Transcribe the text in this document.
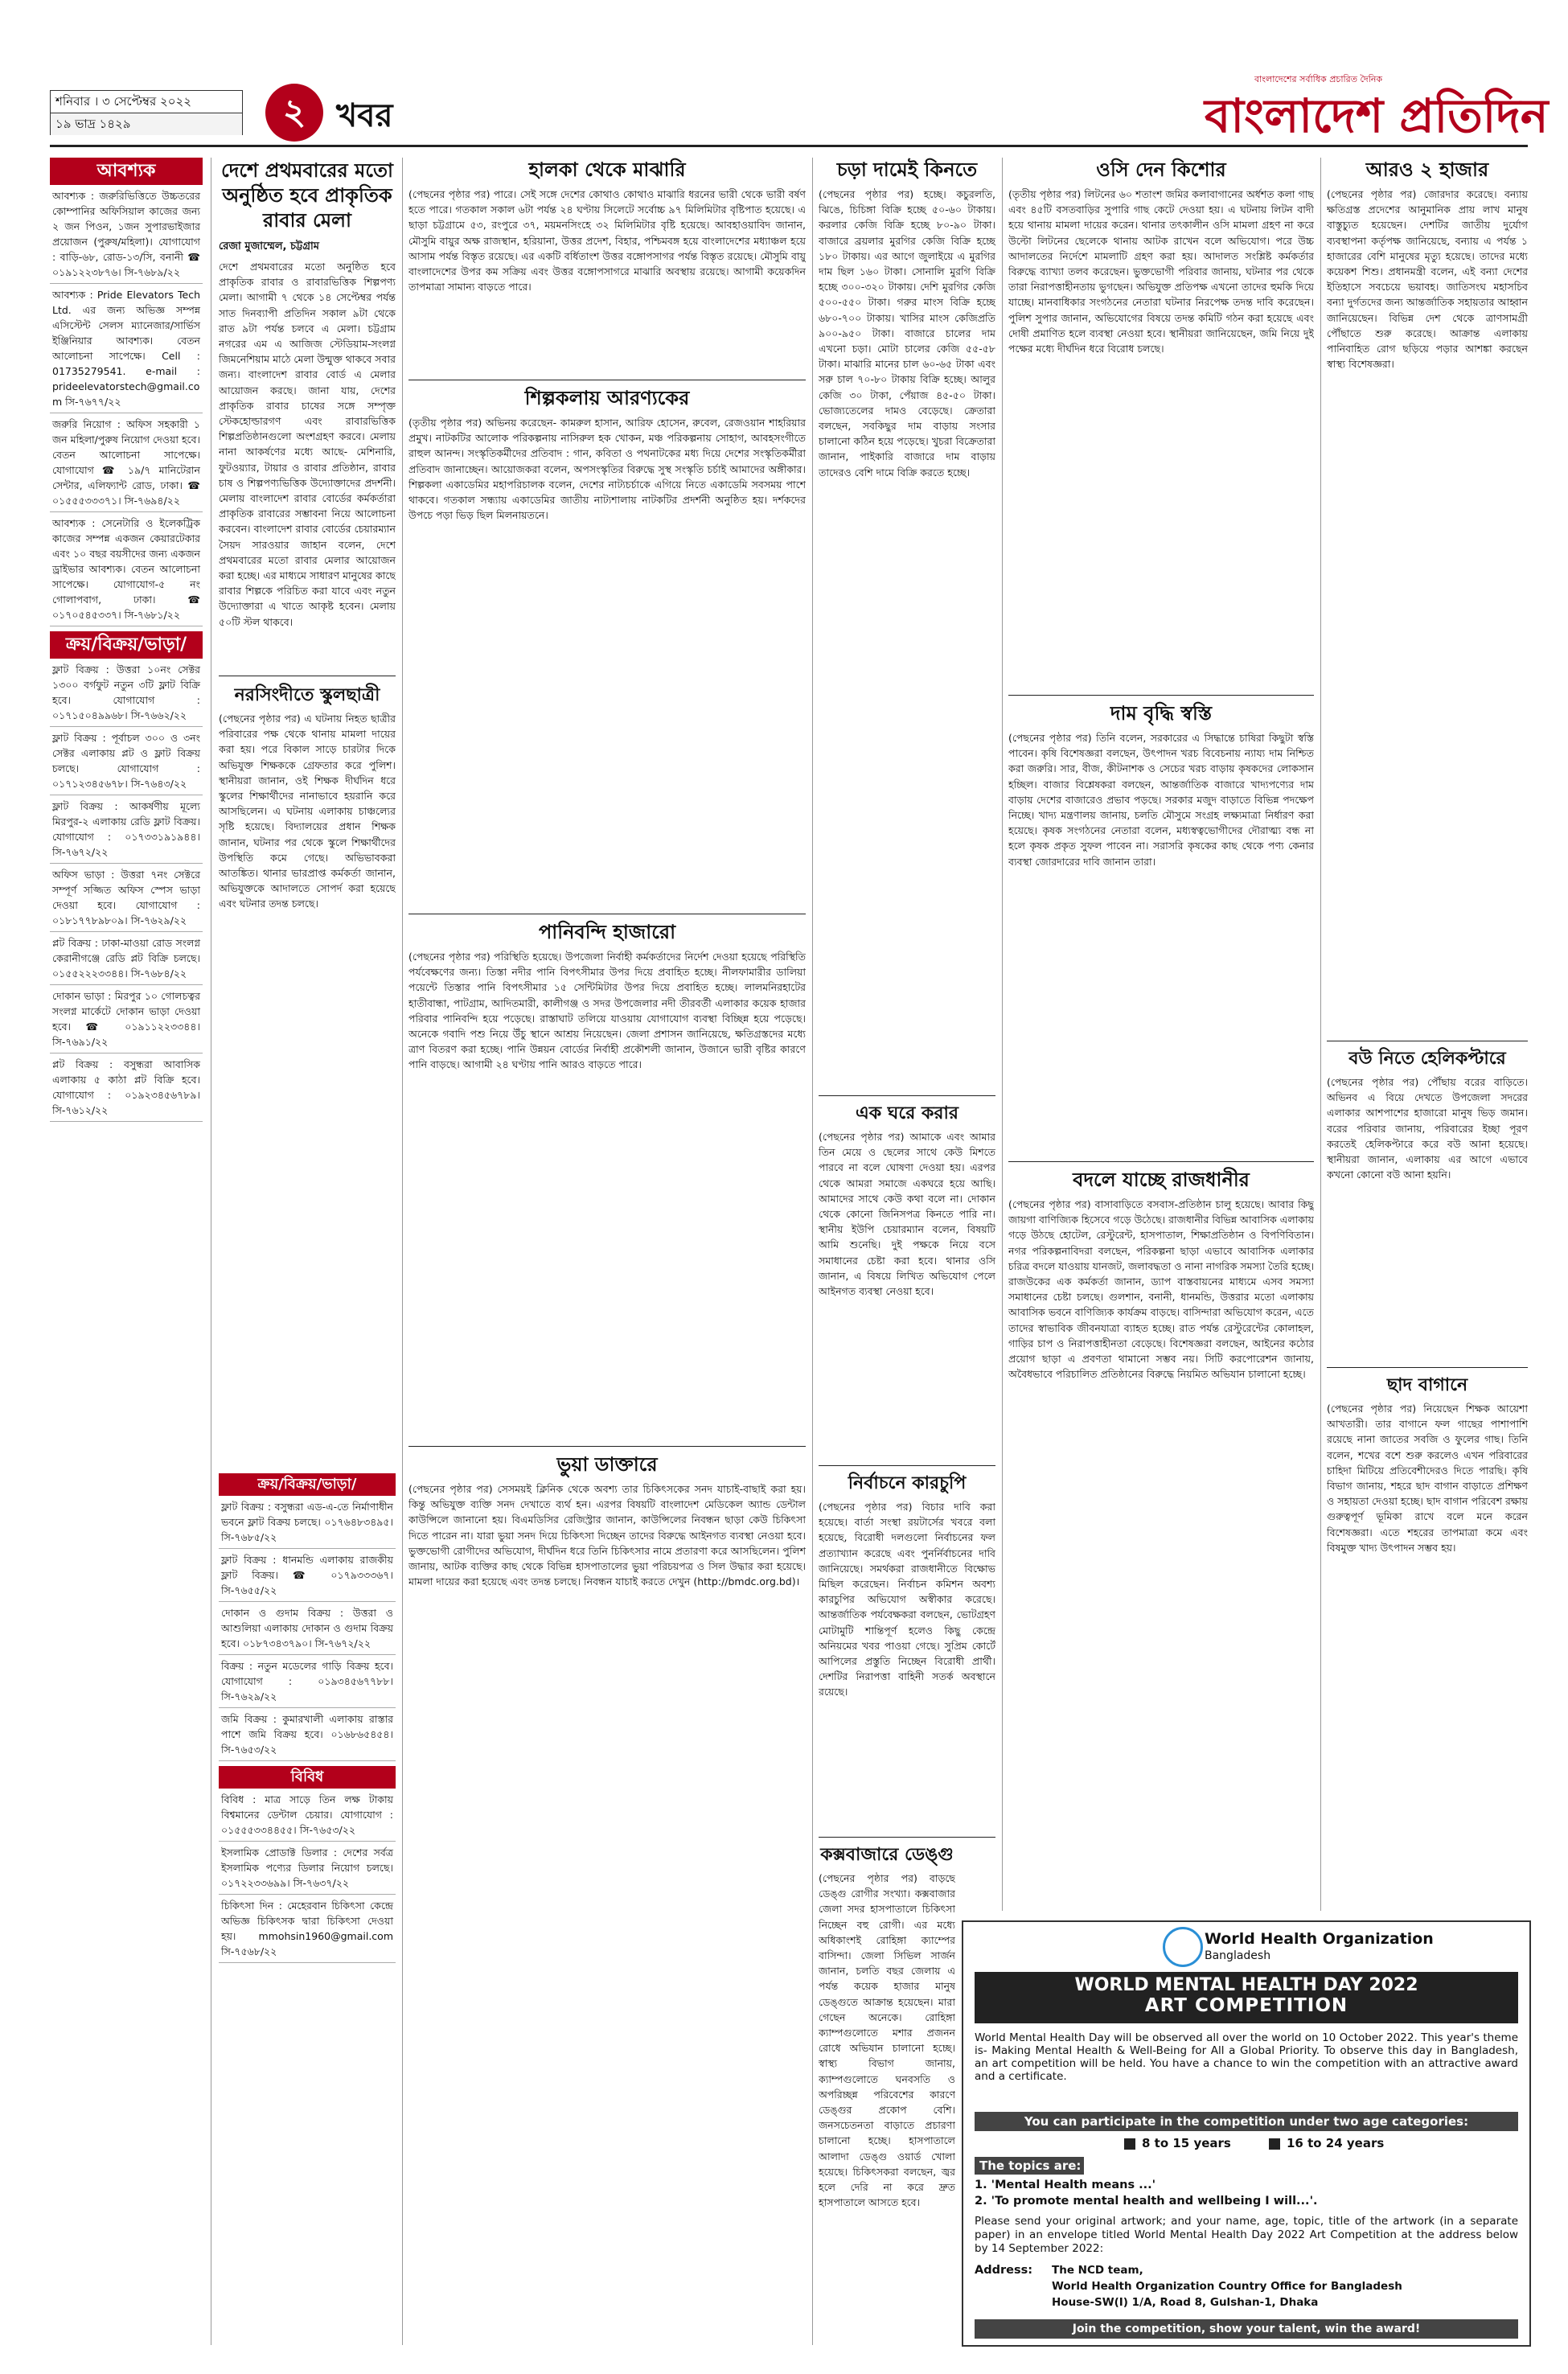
শনিবার । ৩ সেপ্টেম্বর ২০২২
১৯ ভাদ্র ১৪২৯	২ খবর
বাংলাদেশের সর্বাধিক প্রচারিত দৈনিক
বাংলাদেশ প্রতিদিন
আবশ্যক
আবশ্যক : জরুরিভিত্তিতে উচ্চতরের কোম্পানির অফিসিয়াল কাজের জন্য ২ জন পিওন, ১জন সুপারভাইজার প্রয়োজন (পুরুষ/মহিলা)। যোগাযোগ : বাড়ি-৬৮, রোড-১৩/সি, বনানী ☎ ০১৯১২২৩৮৭৬। সি-৭৬৮৯/২২
আবশ্যক : Pride Elevators Tech Ltd. এর জন্য অভিজ্ঞ সম্পন্ন এসিস্টেন্ট সেলস ম্যানেজার/সার্ভিস ইঞ্জিনিয়ার আবশ্যক। বেতন আলোচনা সাপেক্ষে। Cell : 01735279541. e-mail : prideelevatorstech@gmail.com সি-৭৬৭৭/২২
জরুরি নিয়োগ : অফিস সহকারী ১ জন মহিলা/পুরুষ নিয়োগ দেওয়া হবে। বেতন আলোচনা সাপেক্ষে। যোগাযোগ ☎ ১৯/৭ মানিটেরান সেন্টার, এলিফ্যান্ট রোড, ঢাকা। ☎ ০১৫৫৫৩৩৩৭১। সি-৭৬৯৪/২২
আবশ্যক : সেনেটারি ও ইলেকট্রিক কাজের সম্পন্ন একজন কেয়ারটেকার এবং ১০ বছর বয়সীদের জন্য একজন ড্রাইভার আবশ্যক। বেতন আলোচনা সাপেক্ষে। যোগাযোগ-৫ নং গোলাপবাগ, ঢাকা। ☎ ০১৭০৫৪৫৩৩৭। সি-৭৬৮১/২২
ক্রয়/বিক্রয়/ভাড়া/
ফ্লাট বিক্রয় : উত্তরা ১০নং সেক্টর ১৩০০ বর্গফুট নতুন ৩টি ফ্লাট বিক্রি হবে। যোগাযোগ : ০১৭১৫০৪৯৯৬৮। সি-৭৬৬২/২২
ফ্লাট বিক্রয় : পূর্বাচল ৩০০ ও ৩নং সেক্টর এলাকায় প্লট ও ফ্লাট বিক্রয় চলছে। যোগাযোগ : ০১৭১২৩৪৫৬৭৮। সি-৭৬৪৩/২২
ফ্লাট বিক্রয় : আকর্ষণীয় মূল্যে মিরপুর-২ এলাকায় রেডি ফ্লাট বিক্রয়। যোগাযোগ : ০১৭৩৩১৯১৯৪৪। সি-৭৬৭২/২২
অফিস ভাড়া : উত্তরা ৭নং সেক্টরে সম্পূর্ণ সজ্জিত অফিস স্পেস ভাড়া দেওয়া হবে। যোগাযোগ : ০১৮১৭৭৮৯৮০৯। সি-৭৬২৯/২২
প্লট বিক্রয় : ঢাকা-মাওয়া রোড সংলগ্ন কেরানীগঞ্জে রেডি প্লট বিক্রি চলছে। ০১৫৫২২২৩৩৪৪। সি-৭৬৮৪/২২
দোকান ভাড়া : মিরপুর ১০ গোলচত্বর সংলগ্ন মার্কেটে দোকান ভাড়া দেওয়া হবে। ☎ ০১৯১১২২৩৩৪৪। সি-৭৬৯১/২২
প্লট বিক্রয় : বসুন্ধরা আবাসিক এলাকায় ৫ কাঠা প্লট বিক্রি হবে। যোগাযোগ : ০১৯২৩৪৫৬৭৮৯। সি-৭৬১২/২২
দেশে প্রথমবারের মতো অনুষ্ঠিত হবে প্রাকৃতিক রাবার মেলা
রেজা মুজাম্মেল, চট্টগ্রাম
দেশে প্রথমবারের মতো অনুষ্ঠিত হবে প্রাকৃতিক রাবার ও রাবারভিত্তিক শিল্পপণ্য মেলা। আগামী ৭ থেকে ১৪ সেপ্টেম্বর পর্যন্ত সাত দিনব্যাপী প্রতিদিন সকাল ৯টা থেকে রাত ৯টা পর্যন্ত চলবে এ মেলা। চট্টগ্রাম নগরের এম এ আজিজ স্টেডিয়াম-সংলগ্ন জিমনেশিয়াম মাঠে মেলা উন্মুক্ত থাকবে সবার জন্য। বাংলাদেশ রাবার বোর্ড এ মেলার আয়োজন করছে। জানা যায়, দেশের প্রাকৃতিক রাবার চাষের সঙ্গে সম্পৃক্ত স্টেকহোল্ডারগণ এবং রাবারভিত্তিক শিল্পপ্রতিষ্ঠানগুলো অংশগ্রহণ করবে। মেলায় নানা আকর্ষণের মধ্যে আছে- মেশিনারি, ফুটওয়্যার, টায়ার ও রাবার প্রতিষ্ঠান, রাবার চাষ ও শিল্পপণ্যভিত্তিক উদ্যোক্তাদের প্রদর্শনী। মেলায় বাংলাদেশ রাবার বোর্ডের কর্মকর্তারা প্রাকৃতিক রাবারের সম্ভাবনা নিয়ে আলোচনা করবেন। বাংলাদেশ রাবার বোর্ডের চেয়ারম্যান সৈয়দ সারওয়ার জাহান বলেন, দেশে প্রথমবারের মতো রাবার মেলার আয়োজন করা হচ্ছে। এর মাধ্যমে সাধারণ মানুষের কাছে রাবার শিল্পকে পরিচিত করা যাবে এবং নতুন উদ্যোক্তারা এ খাতে আকৃষ্ট হবেন। মেলায় ৫০টি স্টল থাকবে।
নরসিংদীতে স্কুলছাত্রী
(পেছনের পৃষ্ঠার পর) এ ঘটনায় নিহত ছাত্রীর পরিবারের পক্ষ থেকে থানায় মামলা দায়ের করা হয়। পরে বিকাল সাড়ে চারটার দিকে অভিযুক্ত শিক্ষককে গ্রেফতার করে পুলিশ। স্থানীয়রা জানান, ওই শিক্ষক দীর্ঘদিন ধরে স্কুলের শিক্ষার্থীদের নানাভাবে হয়রানি করে আসছিলেন। এ ঘটনায় এলাকায় চাঞ্চল্যের সৃষ্টি হয়েছে। বিদ্যালয়ের প্রধান শিক্ষক জানান, ঘটনার পর থেকে স্কুলে শিক্ষার্থীদের উপস্থিতি কমে গেছে। অভিভাবকরা আতঙ্কিত। থানার ভারপ্রাপ্ত কর্মকর্তা জানান, অভিযুক্তকে আদালতে সোপর্দ করা হয়েছে এবং ঘটনার তদন্ত চলছে।
ক্রয়/বিক্রয়/ভাড়া/
ফ্লাট বিক্রয় : বসুন্ধরা এড-এ-তে নির্মাণাধীন ভবনে ফ্লাট বিক্রয় চলছে। ০১৭৬৪৮৩৪৯৫। সি-৭৬৮৫/২২
ফ্লাট বিক্রয় : ধানমন্ডি এলাকায় রাজকীয় ফ্লাট বিক্রয়। ☎ ০১৭৯৩৩৩৬৭। সি-৭৬৫৫/২২
দোকান ও গুদাম বিক্রয় : উত্তরা ও আশুলিয়া এলাকায় দোকান ও গুদাম বিক্রয় হবে। ০১৮৭৩৪৩৭৯০। সি-৭৬৭২/২২
বিক্রয় : নতুন মডেলের গাড়ি বিক্রয় হবে। যোগাযোগ : ০১৯৩৪৫৬৭৭৮৮। সি-৭৬২৯/২২
জমি বিক্রয় : কুমারখালী এলাকায় রাস্তার পাশে জমি বিক্রয় হবে। ০১৬৮৬৫৪৫৪। সি-৭৬৫৩/২২
বিবিধ
বিবিধ : মাত্র সাড়ে তিন লক্ষ টাকায় বিশ্বমানের ডেন্টাল চেয়ার। যোগাযোগ : ০১৫৫৫৩৩৪৪৫৫। সি-৭৬৫৩/২২
ইসলামিক প্রোডাক্ট ডিলার : দেশের সর্বত্র ইসলামিক পণ্যের ডিলার নিয়োগ চলছে। ০১৭২২৩৩৬৯৯। সি-৭৬৩৭/২২
চিকিৎসা দিন : মেহেরবান চিকিৎসা কেন্দ্রে অভিজ্ঞ চিকিৎসক দ্বারা চিকিৎসা দেওয়া হয়। mmohsin1960@gmail.com সি-৭৫৬৮/২২
হালকা থেকে মাঝারি
(পেছনের পৃষ্ঠার পর) পারে। সেই সঙ্গে দেশের কোথাও কোথাও মাঝারি ধরনের ভারী থেকে ভারী বর্ষণ হতে পারে। গতকাল সকাল ৬টা পর্যন্ত ২৪ ঘণ্টায় সিলেটে সর্বোচ্চ ৯৭ মিলিমিটার বৃষ্টিপাত হয়েছে। এ ছাড়া চট্টগ্রামে ৫৩, রংপুরে ৩৭, ময়মনসিংহে ৩২ মিলিমিটার বৃষ্টি হয়েছে। আবহাওয়াবিদ জানান, মৌসুমি বায়ুর অক্ষ রাজস্থান, হরিয়ানা, উত্তর প্রদেশ, বিহার, পশ্চিমবঙ্গ হয়ে বাংলাদেশের মধ্যাঞ্চল হয়ে আসাম পর্যন্ত বিস্তৃত রয়েছে। এর একটি বর্ধিতাংশ উত্তর বঙ্গোপসাগর পর্যন্ত বিস্তৃত রয়েছে। মৌসুমি বায়ু বাংলাদেশের উপর কম সক্রিয় এবং উত্তর বঙ্গোপসাগরে মাঝারি অবস্থায় রয়েছে। আগামী কয়েকদিন তাপমাত্রা সামান্য বাড়তে পারে।
শিল্পকলায় আরণ্যকের
(তৃতীয় পৃষ্ঠার পর) অভিনয় করেছেন- কামরুল হাসান, আরিফ হোসেন, রুবেল, রেজওয়ান শাহরিয়ার প্রমুখ। নাটকটির আলোক পরিকল্পনায় নাসিরুল হক খোকন, মঞ্চ পরিকল্পনায় সোহাগ, আবহসংগীতে রাহুল আনন্দ। সংস্কৃতিকর্মীদের প্রতিবাদ : গান, কবিতা ও পথনাটকের মধ্য দিয়ে দেশের সংস্কৃতিকর্মীরা প্রতিবাদ জানাচ্ছেন। আয়োজকরা বলেন, অপসংস্কৃতির বিরুদ্ধে সুস্থ সংস্কৃতি চর্চাই আমাদের অঙ্গীকার। শিল্পকলা একাডেমির মহাপরিচালক বলেন, দেশের নাট্যচর্চাকে এগিয়ে নিতে একাডেমি সবসময় পাশে থাকবে। গতকাল সন্ধ্যায় একাডেমির জাতীয় নাট্যশালায় নাটকটির প্রদর্শনী অনুষ্ঠিত হয়। দর্শকদের উপচে পড়া ভিড় ছিল মিলনায়তনে।
পানিবন্দি হাজারো
(পেছনের পৃষ্ঠার পর) পরিস্থিতি হয়েছে। উপজেলা নির্বাহী কর্মকর্তাদের নির্দেশ দেওয়া হয়েছে পরিস্থিতি পর্যবেক্ষণের জন্য। তিস্তা নদীর পানি বিপৎসীমার উপর দিয়ে প্রবাহিত হচ্ছে। নীলফামারীর ডালিয়া পয়েন্টে তিস্তার পানি বিপৎসীমার ১৫ সেন্টিমিটার উপর দিয়ে প্রবাহিত হচ্ছে। লালমনিরহাটের হাতীবান্ধা, পাটগ্রাম, আদিতমারী, কালীগঞ্জ ও সদর উপজেলার নদী তীরবর্তী এলাকার কয়েক হাজার পরিবার পানিবন্দি হয়ে পড়েছে। রাস্তাঘাট তলিয়ে যাওয়ায় যোগাযোগ ব্যবস্থা বিচ্ছিন্ন হয়ে পড়েছে। অনেকে গবাদি পশু নিয়ে উঁচু স্থানে আশ্রয় নিয়েছেন। জেলা প্রশাসন জানিয়েছে, ক্ষতিগ্রস্তদের মধ্যে ত্রাণ বিতরণ করা হচ্ছে। পানি উন্নয়ন বোর্ডের নির্বাহী প্রকৌশলী জানান, উজানে ভারী বৃষ্টির কারণে পানি বাড়ছে। আগামী ২৪ ঘণ্টায় পানি আরও বাড়তে পারে।
ভুয়া ডাক্তারে
(পেছনের পৃষ্ঠার পর) সেসময়ই ক্লিনিক থেকে অবশ্য তার চিকিৎসকের সনদ যাচাই-বাছাই করা হয়। কিন্তু অভিযুক্ত ব্যক্তি সনদ দেখাতে ব্যর্থ হন। এরপর বিষয়টি বাংলাদেশ মেডিকেল অ্যান্ড ডেন্টাল কাউন্সিলে জানানো হয়। বিএমডিসির রেজিস্ট্রার জানান, কাউন্সিলের নিবন্ধন ছাড়া কেউ চিকিৎসা দিতে পারেন না। যারা ভুয়া সনদ দিয়ে চিকিৎসা দিচ্ছেন তাদের বিরুদ্ধে আইনগত ব্যবস্থা নেওয়া হবে। ভুক্তভোগী রোগীদের অভিযোগ, দীর্ঘদিন ধরে তিনি চিকিৎসার নামে প্রতারণা করে আসছিলেন। পুলিশ জানায়, আটক ব্যক্তির কাছ থেকে বিভিন্ন হাসপাতালের ভুয়া পরিচয়পত্র ও সিল উদ্ধার করা হয়েছে। মামলা দায়ের করা হয়েছে এবং তদন্ত চলছে। নিবন্ধন যাচাই করতে দেখুন (http://bmdc.org.bd)।
চড়া দামেই কিনতে
(পেছনের পৃষ্ঠার পর) হচ্ছে। কচুরলতি, ঝিঙে, চিচিঙ্গা বিক্রি হচ্ছে ৫০-৬০ টাকায়। করলার কেজি বিক্রি হচ্ছে ৮০-৯০ টাকা। বাজারে ব্রয়লার মুরগির কেজি বিক্রি হচ্ছে ১৮০ টাকায়। এর আগে জুলাইয়ে এ মুরগির দাম ছিল ১৬০ টাকা। সোনালি মুরগি বিক্রি হচ্ছে ৩০০-৩২০ টাকায়। দেশি মুরগির কেজি ৫০০-৫৫০ টাকা। গরুর মাংস বিক্রি হচ্ছে ৬৮০-৭০০ টাকায়। খাসির মাংস কেজিপ্রতি ৯০০-৯৫০ টাকা। বাজারে চালের দাম এখনো চড়া। মোটা চালের কেজি ৫৫-৫৮ টাকা। মাঝারি মানের চাল ৬০-৬৫ টাকা এবং সরু চাল ৭০-৮০ টাকায় বিক্রি হচ্ছে। আলুর কেজি ৩০ টাকা, পেঁয়াজ ৪৫-৫০ টাকা। ভোজ্যতেলের দামও বেড়েছে। ক্রেতারা বলছেন, সবকিছুর দাম বাড়ায় সংসার চালানো কঠিন হয়ে পড়েছে। খুচরা বিক্রেতারা জানান, পাইকারি বাজারে দাম বাড়ায় তাদেরও বেশি দামে বিক্রি করতে হচ্ছে।
এক ঘরে করার
(পেছনের পৃষ্ঠার পর) আমাকে এবং আমার তিন মেয়ে ও ছেলের সাথে কেউ মিশতে পারবে না বলে ঘোষণা দেওয়া হয়। এরপর থেকে আমরা সমাজে একঘরে হয়ে আছি। আমাদের সাথে কেউ কথা বলে না। দোকান থেকে কোনো জিনিসপত্র কিনতে পারি না। স্থানীয় ইউপি চেয়ারম্যান বলেন, বিষয়টি আমি শুনেছি। দুই পক্ষকে নিয়ে বসে সমাধানের চেষ্টা করা হবে। থানার ওসি জানান, এ বিষয়ে লিখিত অভিযোগ পেলে আইনগত ব্যবস্থা নেওয়া হবে।
নির্বাচনে কারচুপি
(পেছনের পৃষ্ঠার পর) বিচার দাবি করা হয়েছে। বার্তা সংস্থা রয়টার্সের খবরে বলা হয়েছে, বিরোধী দলগুলো নির্বাচনের ফল প্রত্যাখ্যান করেছে এবং পুনর্নির্বাচনের দাবি জানিয়েছে। সমর্থকরা রাজধানীতে বিক্ষোভ মিছিল করেছেন। নির্বাচন কমিশন অবশ্য কারচুপির অভিযোগ অস্বীকার করেছে। আন্তর্জাতিক পর্যবেক্ষকরা বলছেন, ভোটগ্রহণ মোটামুটি শান্তিপূর্ণ হলেও কিছু কেন্দ্রে অনিয়মের খবর পাওয়া গেছে। সুপ্রিম কোর্টে আপিলের প্রস্তুতি নিচ্ছেন বিরোধী প্রার্থী। দেশটির নিরাপত্তা বাহিনী সতর্ক অবস্থানে রয়েছে।
কক্সবাজারে ডেঙ্গু
(পেছনের পৃষ্ঠার পর) বাড়ছে ডেঙ্গু রোগীর সংখ্যা। কক্সবাজার জেলা সদর হাসপাতালে চিকিৎসা নিচ্ছেন বহু রোগী। এর মধ্যে অধিকাংশই রোহিঙ্গা ক্যাম্পের বাসিন্দা। জেলা সিভিল সার্জন জানান, চলতি বছর জেলায় এ পর্যন্ত কয়েক হাজার মানুষ ডেঙ্গুতে আক্রান্ত হয়েছেন। মারা গেছেন অনেকে। রোহিঙ্গা ক্যাম্পগুলোতে মশার প্রজনন রোধে অভিযান চালানো হচ্ছে। স্বাস্থ্য বিভাগ জানায়, ক্যাম্পগুলোতে ঘনবসতি ও অপরিচ্ছন্ন পরিবেশের কারণে ডেঙ্গুর প্রকোপ বেশি। জনসচেতনতা বাড়াতে প্রচারণা চালানো হচ্ছে। হাসপাতালে আলাদা ডেঙ্গু ওয়ার্ড খোলা হয়েছে। চিকিৎসকরা বলছেন, জ্বর হলে দেরি না করে দ্রুত হাসপাতালে আসতে হবে।
ওসি দেন কিশোর
(তৃতীয় পৃষ্ঠার পর) লিটনের ৬০ শতাংশ জমির কলাবাগানের অর্ধশত কলা গাছ এবং ৪৫টি বসতবাড়ির সুপারি গাছ কেটে দেওয়া হয়। এ ঘটনায় লিটন বাদী হয়ে থানায় মামলা দায়ের করেন। থানার তৎকালীন ওসি মামলা গ্রহণ না করে উল্টো লিটনের ছেলেকে থানায় আটক রাখেন বলে অভিযোগ। পরে উচ্চ আদালতের নির্দেশে মামলাটি গ্রহণ করা হয়। আদালত সংশ্লিষ্ট কর্মকর্তার বিরুদ্ধে ব্যাখ্যা তলব করেছেন। ভুক্তভোগী পরিবার জানায়, ঘটনার পর থেকে তারা নিরাপত্তাহীনতায় ভুগছেন। অভিযুক্ত প্রতিপক্ষ এখনো তাদের হুমকি দিয়ে যাচ্ছে। মানবাধিকার সংগঠনের নেতারা ঘটনার নিরপেক্ষ তদন্ত দাবি করেছেন। পুলিশ সুপার জানান, অভিযোগের বিষয়ে তদন্ত কমিটি গঠন করা হয়েছে এবং দোষী প্রমাণিত হলে ব্যবস্থা নেওয়া হবে। স্থানীয়রা জানিয়েছেন, জমি নিয়ে দুই পক্ষের মধ্যে দীর্ঘদিন ধরে বিরোধ চলছে।
দাম বৃদ্ধি স্বস্তি
(পেছনের পৃষ্ঠার পর) তিনি বলেন, সরকারের এ সিদ্ধান্তে চাষিরা কিছুটা স্বস্তি পাবেন। কৃষি বিশেষজ্ঞরা বলছেন, উৎপাদন খরচ বিবেচনায় ন্যায্য দাম নিশ্চিত করা জরুরি। সার, বীজ, কীটনাশক ও সেচের খরচ বাড়ায় কৃষকদের লোকসান হচ্ছিল। বাজার বিশ্লেষকরা বলছেন, আন্তর্জাতিক বাজারে খাদ্যপণ্যের দাম বাড়ায় দেশের বাজারেও প্রভাব পড়ছে। সরকার মজুদ বাড়াতে বিভিন্ন পদক্ষেপ নিচ্ছে। খাদ্য মন্ত্রণালয় জানায়, চলতি মৌসুমে সংগ্রহ লক্ষ্যমাত্রা নির্ধারণ করা হয়েছে। কৃষক সংগঠনের নেতারা বলেন, মধ্যস্বত্বভোগীদের দৌরাত্ম্য বন্ধ না হলে কৃষক প্রকৃত সুফল পাবেন না। সরাসরি কৃষকের কাছ থেকে পণ্য কেনার ব্যবস্থা জোরদারের দাবি জানান তারা।
বদলে যাচ্ছে রাজধানীর
(পেছনের পৃষ্ঠার পর) বাসাবাড়িতে বসবাস-প্রতিষ্ঠান চালু হয়েছে। আবার কিছু জায়গা বাণিজ্যিক হিসেবে গড়ে উঠেছে। রাজধানীর বিভিন্ন আবাসিক এলাকায় গড়ে উঠছে হোটেল, রেস্টুরেন্ট, হাসপাতাল, শিক্ষাপ্রতিষ্ঠান ও বিপণিবিতান। নগর পরিকল্পনাবিদরা বলছেন, পরিকল্পনা ছাড়া এভাবে আবাসিক এলাকার চরিত্র বদলে যাওয়ায় যানজট, জলাবদ্ধতা ও নানা নাগরিক সমস্যা তৈরি হচ্ছে। রাজউকের এক কর্মকর্তা জানান, ড্যাপ বাস্তবায়নের মাধ্যমে এসব সমস্যা সমাধানের চেষ্টা চলছে। গুলশান, বনানী, ধানমন্ডি, উত্তরার মতো এলাকায় আবাসিক ভবনে বাণিজ্যিক কার্যক্রম বাড়ছে। বাসিন্দারা অভিযোগ করেন, এতে তাদের স্বাভাবিক জীবনযাত্রা ব্যাহত হচ্ছে। রাত পর্যন্ত রেস্টুরেন্টের কোলাহল, গাড়ির চাপ ও নিরাপত্তাহীনতা বেড়েছে। বিশেষজ্ঞরা বলছেন, আইনের কঠোর প্রয়োগ ছাড়া এ প্রবণতা থামানো সম্ভব নয়। সিটি করপোরেশন জানায়, অবৈধভাবে পরিচালিত প্রতিষ্ঠানের বিরুদ্ধে নিয়মিত অভিযান চালানো হচ্ছে।
আরও ২ হাজার
(পেছনের পৃষ্ঠার পর) জোরদার করেছে। বন্যায় ক্ষতিগ্রস্ত প্রদেশের আনুমানিক প্রায় লাখ মানুষ বাস্তুচ্যুত হয়েছেন। দেশটির জাতীয় দুর্যোগ ব্যবস্থাপনা কর্তৃপক্ষ জানিয়েছে, বন্যায় এ পর্যন্ত ১ হাজারের বেশি মানুষের মৃত্যু হয়েছে। তাদের মধ্যে কয়েকশ শিশু। প্রধানমন্ত্রী বলেন, এই বন্যা দেশের ইতিহাসে সবচেয়ে ভয়াবহ। জাতিসংঘ মহাসচিব বন্যা দুর্গতদের জন্য আন্তর্জাতিক সহায়তার আহ্বান জানিয়েছেন। বিভিন্ন দেশ থেকে ত্রাণসামগ্রী পৌঁছাতে শুরু করেছে। আক্রান্ত এলাকায় পানিবাহিত রোগ ছড়িয়ে পড়ার আশঙ্কা করছেন স্বাস্থ্য বিশেষজ্ঞরা।
বউ নিতে হেলিকপ্টারে
(পেছনের পৃষ্ঠার পর) পৌঁছায় বরের বাড়িতে। অভিনব এ বিয়ে দেখতে উপজেলা সদরের এলাকার আশপাশের হাজারো মানুষ ভিড় জমান। বরের পরিবার জানায়, পরিবারের ইচ্ছা পূরণ করতেই হেলিকপ্টারে করে বউ আনা হয়েছে। স্থানীয়রা জানান, এলাকায় এর আগে এভাবে কখনো কোনো বউ আনা হয়নি।
ছাদ বাগানে
(পেছনের পৃষ্ঠার পর) নিয়েছেন শিক্ষক আয়েশা আখতারী। তার বাগানে ফল গাছের পাশাপাশি রয়েছে নানা জাতের সবজি ও ফুলের গাছ। তিনি বলেন, শখের বশে শুরু করলেও এখন পরিবারের চাহিদা মিটিয়ে প্রতিবেশীদেরও দিতে পারছি। কৃষি বিভাগ জানায়, শহরে ছাদ বাগান বাড়াতে প্রশিক্ষণ ও সহায়তা দেওয়া হচ্ছে। ছাদ বাগান পরিবেশ রক্ষায় গুরুত্বপূর্ণ ভূমিকা রাখে বলে মনে করেন বিশেষজ্ঞরা। এতে শহরের তাপমাত্রা কমে এবং বিষমুক্ত খাদ্য উৎপাদন সম্ভব হয়।
World Health Organization
Bangladesh
WORLD MENTAL HEALTH DAY 2022
ART COMPETITION
World Mental Health Day will be observed all over the world on 10 October 2022. This year's theme is- Making Mental Health & Well-Being for All a Global Priority. To observe this day in Bangladesh, an art competition will be held. You have a chance to win the competition with an attractive award and a certificate.
You can participate in the competition under two age categories:
8 to 15 years	16 to 24 years
The topics are:
1. 'Mental Health means ...'
2. 'To promote mental health and wellbeing I will...'.
Join the competition, show your talent, win the award!
Please send your original artwork; and your name, age, topic, title of the artwork (in a separate paper) in an envelope titled World Mental Health Day 2022 Art Competition at the address below by 14 September 2022:
Address:	The NCD team,
World Health Organization Country Office for Bangladesh
House-SW(I) 1/A, Road 8, Gulshan-1, Dhaka
